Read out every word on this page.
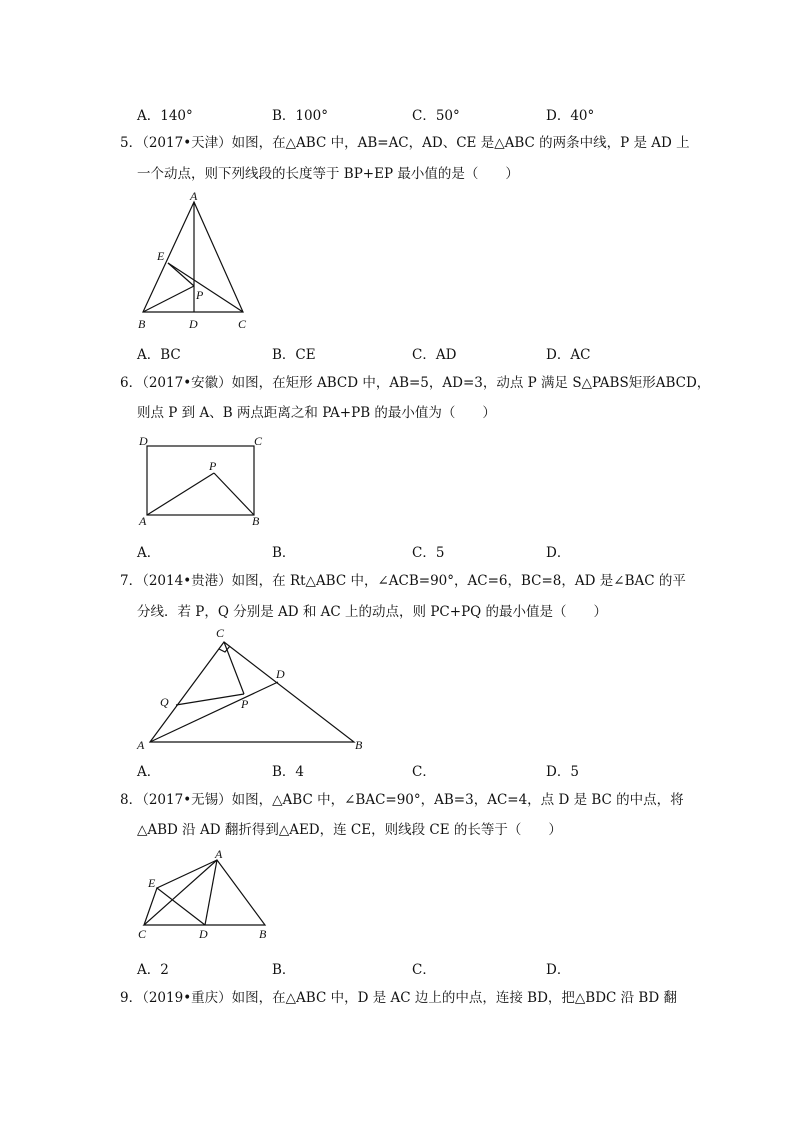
A．140°	B．100°	C．50°	D．40°
5．（2017•天津）如图，在△ABC 中，AB=AC，AD、CE 是△ABC 的两条中线，P 是 AD 上
一个动点，则下列线段的长度等于 BP+EP 最小值的是（　　）
A
E
P
B	D	C
A．BC	B．CE	C．AD	D．AC
6．（2017•安徽）如图，在矩形 ABCD 中，AB=5，AD=3，动点 P 满足 S△PABS矩形ABCD，
则点 P 到 A、B 两点距离之和 PA+PB 的最小值为（　　）
D	C
P
A	B
A．	B．	C．5	D．
7．（2014•贵港）如图，在 Rt△ABC 中，∠ACB=90°，AC=6，BC=8，AD 是∠BAC 的平
分线．若 P，Q 分别是 AD 和 AC 上的动点，则 PC+PQ 的最小值是（　　）
C
D
Q	P
A	B
A．	B．4	C．	D．5
8．（2017•无锡）如图，△ABC 中，∠BAC=90°，AB=3，AC=4，点 D 是 BC 的中点，将
△ABD 沿 AD 翻折得到△AED，连 CE，则线段 CE 的长等于（　　）
A
E
C	D	B
A．2	B．	C．	D．
9．（2019•重庆）如图，在△ABC 中，D 是 AC 边上的中点，连接 BD，把△BDC 沿 BD 翻
